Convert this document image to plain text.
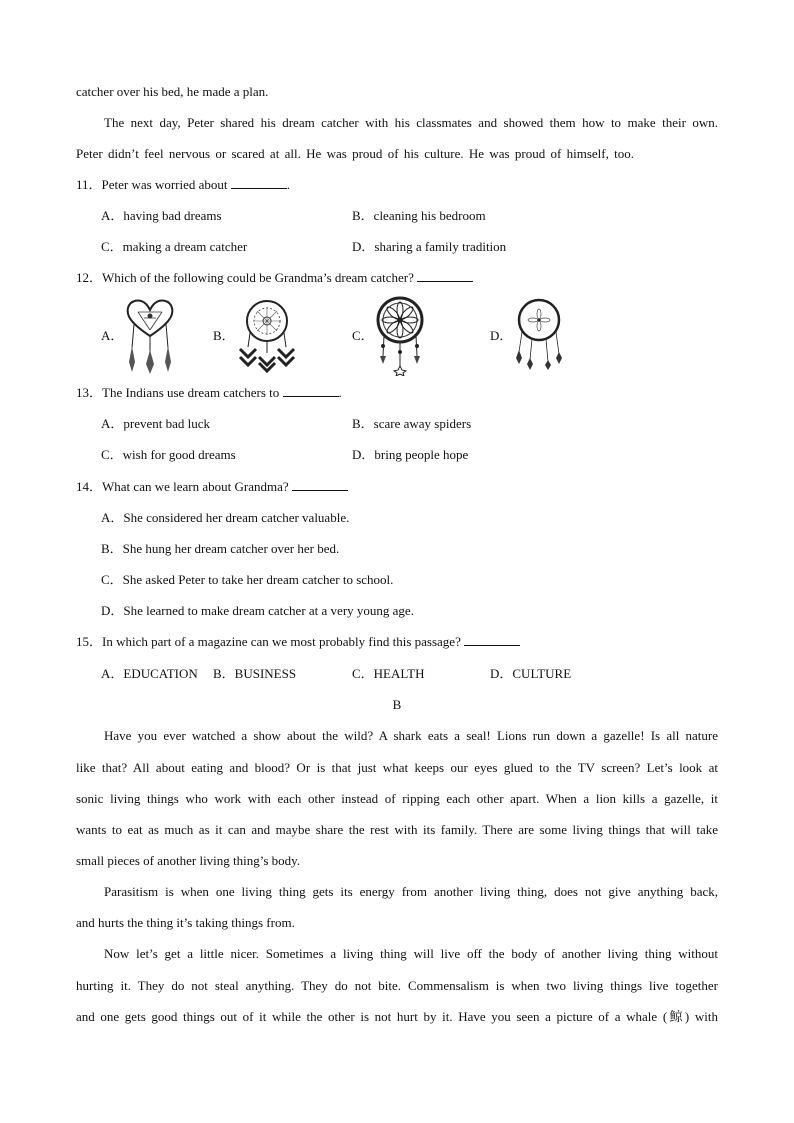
catcher over his bed, he made a plan.
The next day, Peter shared his dream catcher with his classmates and showed them how to make their own.
Peter didn’t feel nervous or scared at all. He was proud of his culture. He was proud of himself, too.
11．Peter was worried about	.
A．having bad dreams	B．cleaning his bedroom
C．making a dream catcher	D．sharing a family tradition
12．Which of the following could be Grandma’s dream catcher?
A．	B．	C．	D．
13．The Indians use dream catchers to	.
A．prevent bad luck	B．scare away spiders
C．wish for good dreams	D．bring people hope
14．What can we learn about Grandma?
A．She considered her dream catcher valuable.
B．She hung her dream catcher over her bed.
C．She asked Peter to take her dream catcher to school.
D．She learned to make dream catcher at a very young age.
15．In which part of a magazine can we most probably find this passage?
A．EDUCATION B．BUSINESS	C．HEALTH	D．CULTURE
B
Have you ever watched a show about the wild? A shark eats a seal! Lions run down a gazelle! Is all nature
like that? All about eating and blood? Or is that just what keeps our eyes glued to the TV screen? Let’s look at
sonic living things who work with each other instead of ripping each other apart. When a lion kills a gazelle, it
wants to eat as much as it can and maybe share the rest with its family. There are some living things that will take
small pieces of another living thing’s body.
Parasitism is when one living thing gets its energy from another living thing, does not give anything back,
and hurts the thing it’s taking things from.
Now let’s get a little nicer. Sometimes a living thing will live off the body of another living thing without
hurting it. They do not steal anything. They do not bite. Commensalism is when two living things live together
and one gets good things out of it while the other is not hurt by it. Have you seen a picture of a whale (鲸) with
